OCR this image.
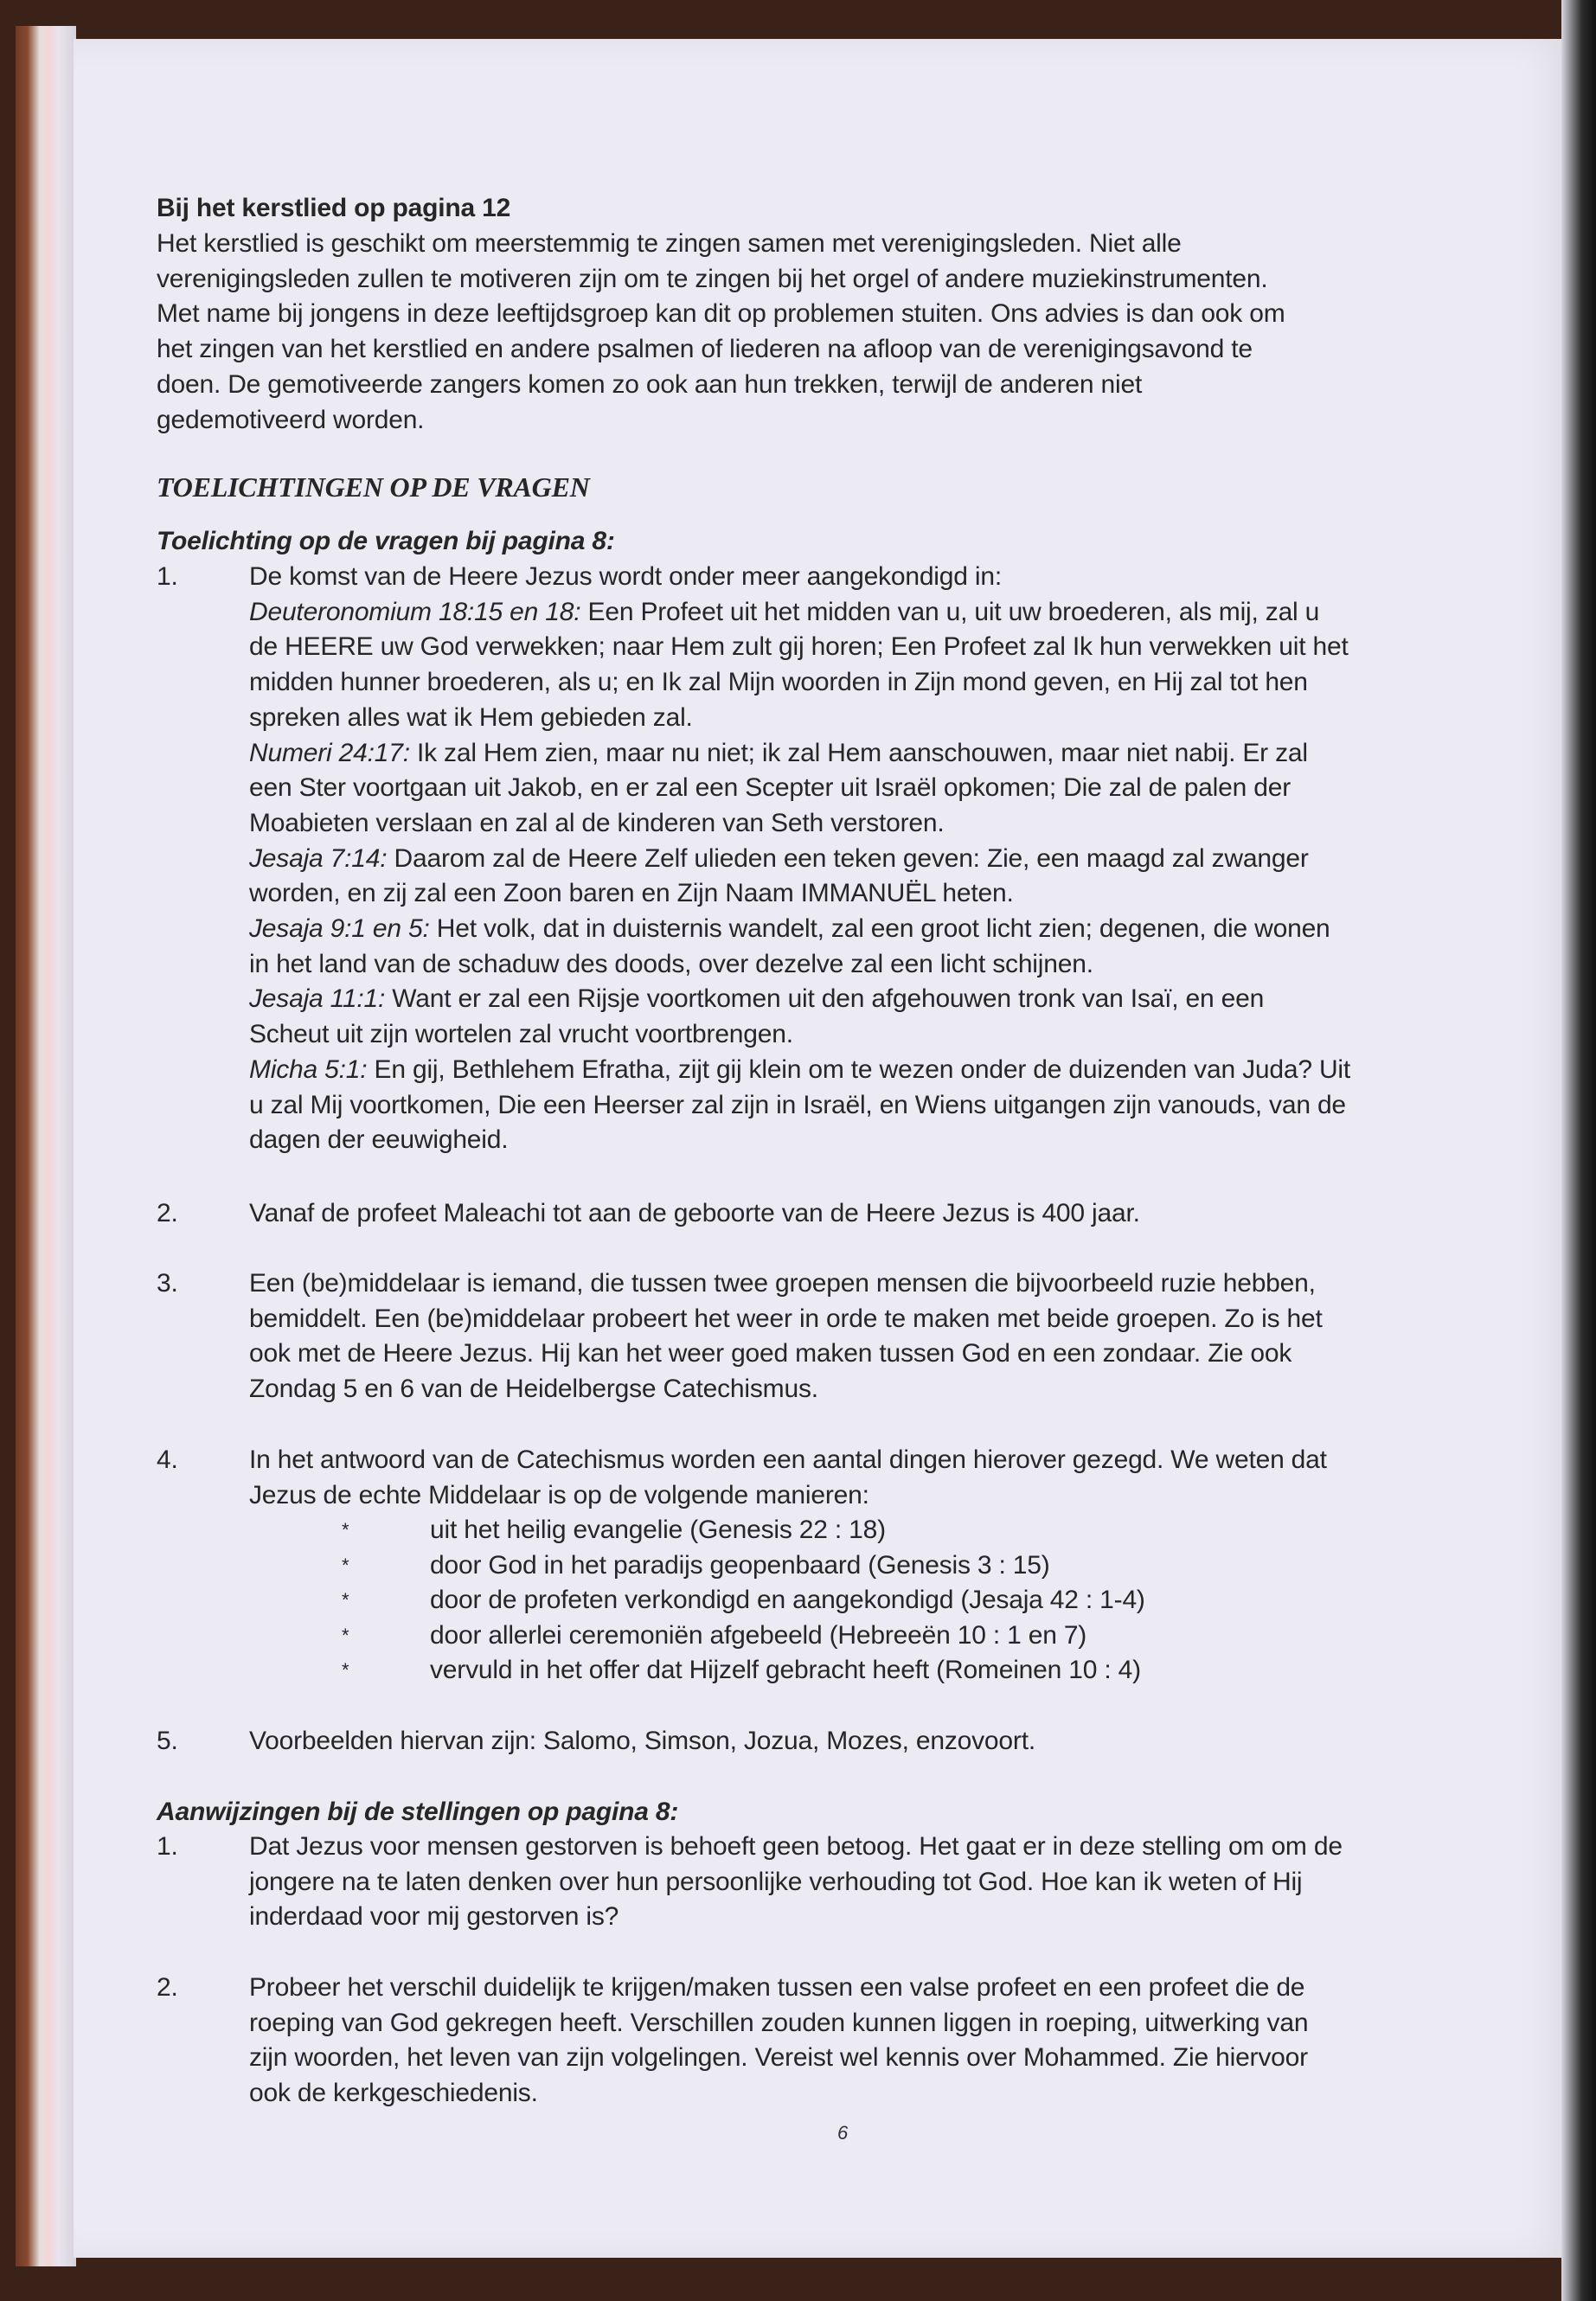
Bij het kerstlied op pagina 12
Het kerstlied is geschikt om meerstemmig te zingen samen met verenigingsleden. Niet alle
verenigingsleden zullen te motiveren zijn om te zingen bij het orgel of andere muziekinstrumenten.
Met name bij jongens in deze leeftijdsgroep kan dit op problemen stuiten. Ons advies is dan ook om
het zingen van het kerstlied en andere psalmen of liederen na afloop van de verenigingsavond te
doen. De gemotiveerde zangers komen zo ook aan hun trekken, terwijl de anderen niet
gedemotiveerd worden.
TOELICHTINGEN OP DE VRAGEN
Toelichting op de vragen bij pagina 8:
1.	De komst van de Heere Jezus wordt onder meer aangekondigd in:
Deuteronomium 18:15 en 18: Een Profeet uit het midden van u, uit uw broederen, als mij, zal u
de HEERE uw God verwekken; naar Hem zult gij horen; Een Profeet zal Ik hun verwekken uit het
midden hunner broederen, als u; en Ik zal Mijn woorden in Zijn mond geven, en Hij zal tot hen
spreken alles wat ik Hem gebieden zal.
Numeri 24:17: Ik zal Hem zien, maar nu niet; ik zal Hem aanschouwen, maar niet nabij. Er zal
een Ster voortgaan uit Jakob, en er zal een Scepter uit Israël opkomen; Die zal de palen der
Moabieten verslaan en zal al de kinderen van Seth verstoren.
Jesaja 7:14: Daarom zal de Heere Zelf ulieden een teken geven: Zie, een maagd zal zwanger
worden, en zij zal een Zoon baren en Zijn Naam IMMANUËL heten.
Jesaja 9:1 en 5: Het volk, dat in duisternis wandelt, zal een groot licht zien; degenen, die wonen
in het land van de schaduw des doods, over dezelve zal een licht schijnen.
Jesaja 11:1: Want er zal een Rijsje voortkomen uit den afgehouwen tronk van Isaï, en een
Scheut uit zijn wortelen zal vrucht voortbrengen.
Micha 5:1: En gij, Bethlehem Efratha, zijt gij klein om te wezen onder de duizenden van Juda? Uit
u zal Mij voortkomen, Die een Heerser zal zijn in Israël, en Wiens uitgangen zijn vanouds, van de
dagen der eeuwigheid.
2.	Vanaf de profeet Maleachi tot aan de geboorte van de Heere Jezus is 400 jaar.
3.	Een (be)middelaar is iemand, die tussen twee groepen mensen die bijvoorbeeld ruzie hebben,
bemiddelt. Een (be)middelaar probeert het weer in orde te maken met beide groepen. Zo is het
ook met de Heere Jezus. Hij kan het weer goed maken tussen God en een zondaar. Zie ook
Zondag 5 en 6 van de Heidelbergse Catechismus.
4.	In het antwoord van de Catechismus worden een aantal dingen hierover gezegd. We weten dat
Jezus de echte Middelaar is op de volgende manieren:
*	uit het heilig evangelie (Genesis 22 : 18)
*	door God in het paradijs geopenbaard (Genesis 3 : 15)
*	door de profeten verkondigd en aangekondigd (Jesaja 42 : 1-4)
*	door allerlei ceremoniën afgebeeld (Hebreeën 10 : 1 en 7)
*	vervuld in het offer dat Hijzelf gebracht heeft (Romeinen 10 : 4)
5.	Voorbeelden hiervan zijn: Salomo, Simson, Jozua, Mozes, enzovoort.
Aanwijzingen bij de stellingen op pagina 8:
1.	Dat Jezus voor mensen gestorven is behoeft geen betoog. Het gaat er in deze stelling om om de
jongere na te laten denken over hun persoonlijke verhouding tot God. Hoe kan ik weten of Hij
inderdaad voor mij gestorven is?
2.	Probeer het verschil duidelijk te krijgen/maken tussen een valse profeet en een profeet die de
roeping van God gekregen heeft. Verschillen zouden kunnen liggen in roeping, uitwerking van
zijn woorden, het leven van zijn volgelingen. Vereist wel kennis over Mohammed. Zie hiervoor
ook de kerkgeschiedenis.
6
